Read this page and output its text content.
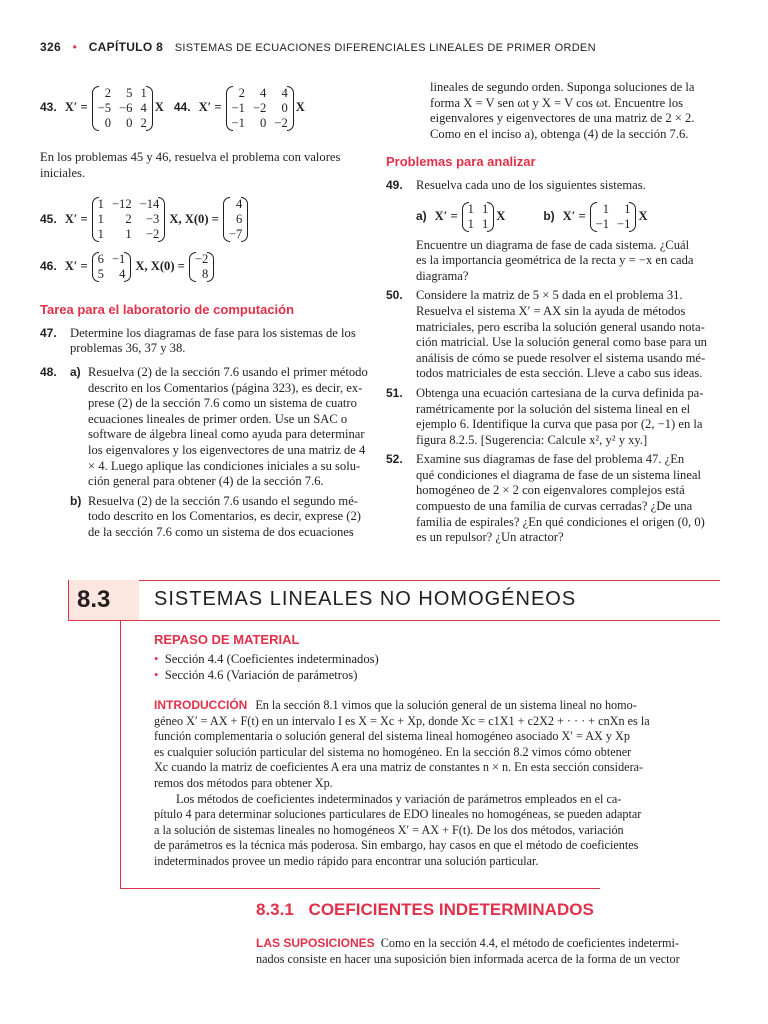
326 • CAPÍTULO 8 SISTEMAS DE ECUACIONES DIFERENCIALES LINEALES DE PRIMER ORDEN
43. X′ =
2	5	1
−5	−6	4
0	0	2
X 44. X′ =
2	4	4
−1	−2	0
−1	0	−2
X
En los problemas 45 y 46, resuelva el problema con valores iniciales.
45. X′ =
1	−12	−14
1	2	−3
1	1	−2
X, X(0) =
4
6
−7
46. X′ =
6	−1
5	4
X, X(0) =
−2
8
Tarea para el laboratorio de computación
47.	Determine los diagramas de fase para los sistemas de los problemas 36, 37 y 38.
48.	a) Resuelva (2) de la sección 7.6 usando el primer método
descrito en los Comentarios (página 323), es decir, ex-
prese (2) de la sección 7.6 como un sistema de cuatro
ecuaciones lineales de primer orden. Use un SAC o
software de álgebra lineal como ayuda para determinar
los eigenvalores y los eigenvectores de una matriz de 4
× 4. Luego aplique las condiciones iniciales a su solu-
ción general para obtener (4) de la sección 7.6.
b) Resuelva (2) de la sección 7.6 usando el segundo mé-
todo descrito en los Comentarios, es decir, exprese (2)
de la sección 7.6 como un sistema de dos ecuaciones
lineales de segundo orden. Suponga soluciones de la
forma X = V sen ωt y X = V cos ωt. Encuentre los
eigenvalores y eigenvectores de una matriz de 2 × 2.
Como en el inciso a), obtenga (4) de la sección 7.6.
Problemas para analizar
49.	Resuelva cada uno de los siguientes sistemas.
a) X′ =
1	1
1	1
X	b) X′ =
1	1
−1	−1
X
Encuentre un diagrama de fase de cada sistema. ¿Cuál
es la importancia geométrica de la recta y = −x en cada
diagrama?
50.	Considere la matriz de 5 × 5 dada en el problema 31.
Resuelva el sistema X′ = AX sin la ayuda de métodos
matriciales, pero escriba la solución general usando nota-
ción matricial. Use la solución general como base para un
análisis de cómo se puede resolver el sistema usando mé-
todos matriciales de esta sección. Lleve a cabo sus ideas.
51.	Obtenga una ecuación cartesiana de la curva definida pa-
ramétricamente por la solución del sistema lineal en el
ejemplo 6. Identifique la curva que pasa por (2, −1) en la
figura 8.2.5. [Sugerencia: Calcule x², y² y xy.]
52.	Examine sus diagramas de fase del problema 47. ¿En
qué condiciones el diagrama de fase de un sistema lineal
homogéneo de 2 × 2 con eigenvalores complejos está
compuesto de una familia de curvas cerradas? ¿De una
familia de espirales? ¿En qué condiciones el origen (0, 0)
es un repulsor? ¿Un atractor?
8.3 SISTEMAS LINEALES NO HOMOGÉNEOS
REPASO DE MATERIAL
• Sección 4.4 (Coeficientes indeterminados)
• Sección 4.6 (Variación de parámetros)
INTRODUCCIÓN En la sección 8.1 vimos que la solución general de un sistema lineal no homo-
géneo X′ = AX + F(t) en un intervalo I es X = Xc + Xp, donde Xc = c1X1 + c2X2 + · · · + cnXn es la
función complementaria o solución general del sistema lineal homogéneo asociado X′ = AX y Xp
es cualquier solución particular del sistema no homogéneo. En la sección 8.2 vimos cómo obtener
Xc cuando la matriz de coeficientes A era una matriz de constantes n × n. En esta sección considera-
remos dos métodos para obtener Xp.
Los métodos de coeficientes indeterminados y variación de parámetros empleados en el ca-
pítulo 4 para determinar soluciones particulares de EDO lineales no homogéneas, se pueden adaptar
a la solución de sistemas lineales no homogéneos X′ = AX + F(t). De los dos métodos, variación
de parámetros es la técnica más poderosa. Sin embargo, hay casos en que el método de coeficientes
indeterminados provee un medio rápido para encontrar una solución particular.
8.3.1 COEFICIENTES INDETERMINADOS
LAS SUPOSICIONES Como en la sección 4.4, el método de coeficientes indetermi-
nados consiste en hacer una suposición bien informada acerca de la forma de un vector
